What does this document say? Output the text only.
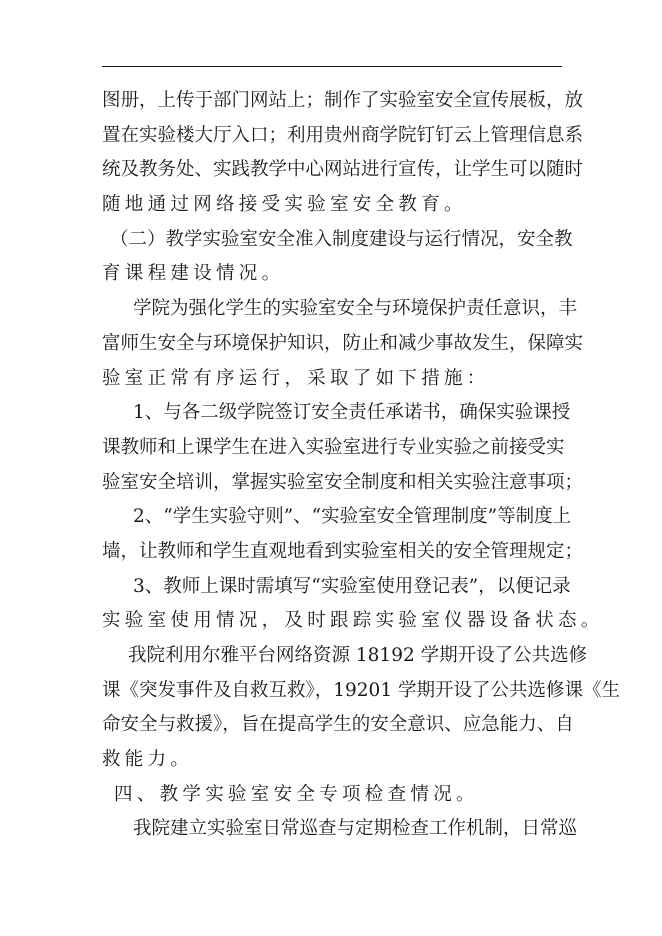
图册，上传于部门网站上；制作了实验室安全宣传展板，放
置在实验楼大厅入口；利用贵州商学院钉钉云上管理信息系
统及教务处、实践教学中心网站进行宣传，让学生可以随时
随地通过网络接受实验室安全教育。
（二）教学实验室安全准入制度建设与运行情况，安全教
育课程建设情况。
学院为强化学生的实验室安全与环境保护责任意识，丰
富师生安全与环境保护知识，防止和减少事故发生，保障实
验室正常有序运行，采取了如下措施：
1、与各二级学院签订安全责任承诺书，确保实验课授
课教师和上课学生在进入实验室进行专业实验之前接受实
验室安全培训，掌握实验室安全制度和相关实验注意事项；
2、“学生实验守则”、“实验室安全管理制度”等制度上
墙，让教师和学生直观地看到实验室相关的安全管理规定；
3、教师上课时需填写“实验室使用登记表”，以便记录
实验室使用情况，及时跟踪实验室仪器设备状态。
我院利用尔雅平台网络资源 18192 学期开设了公共选修
课《突发事件及自救互救》，19201 学期开设了公共选修课《生
命安全与救援》，旨在提高学生的安全意识、应急能力、自
救能力。
四、教学实验室安全专项检查情况。
我院建立实验室日常巡查与定期检查工作机制，日常巡
